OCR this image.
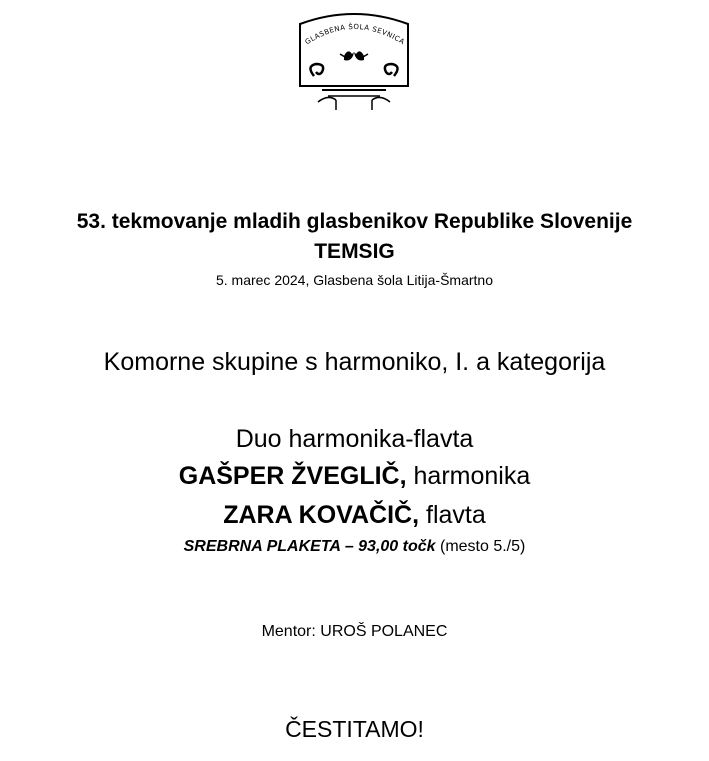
GLASBENA ŠOLA SEVNICA
53. tekmovanje mladih glasbenikov Republike Slovenije
TEMSIG
5. marec 2024, Glasbena šola Litija-Šmartno
Komorne skupine s harmoniko, I. a kategorija
Duo harmonika-flavta
GAŠPER ŽVEGLIČ, harmonika
ZARA KOVAČIČ, flavta
SREBRNA PLAKETA – 93,00 točk (mesto 5./5)
Mentor: UROŠ POLANEC
ČESTITAMO!
